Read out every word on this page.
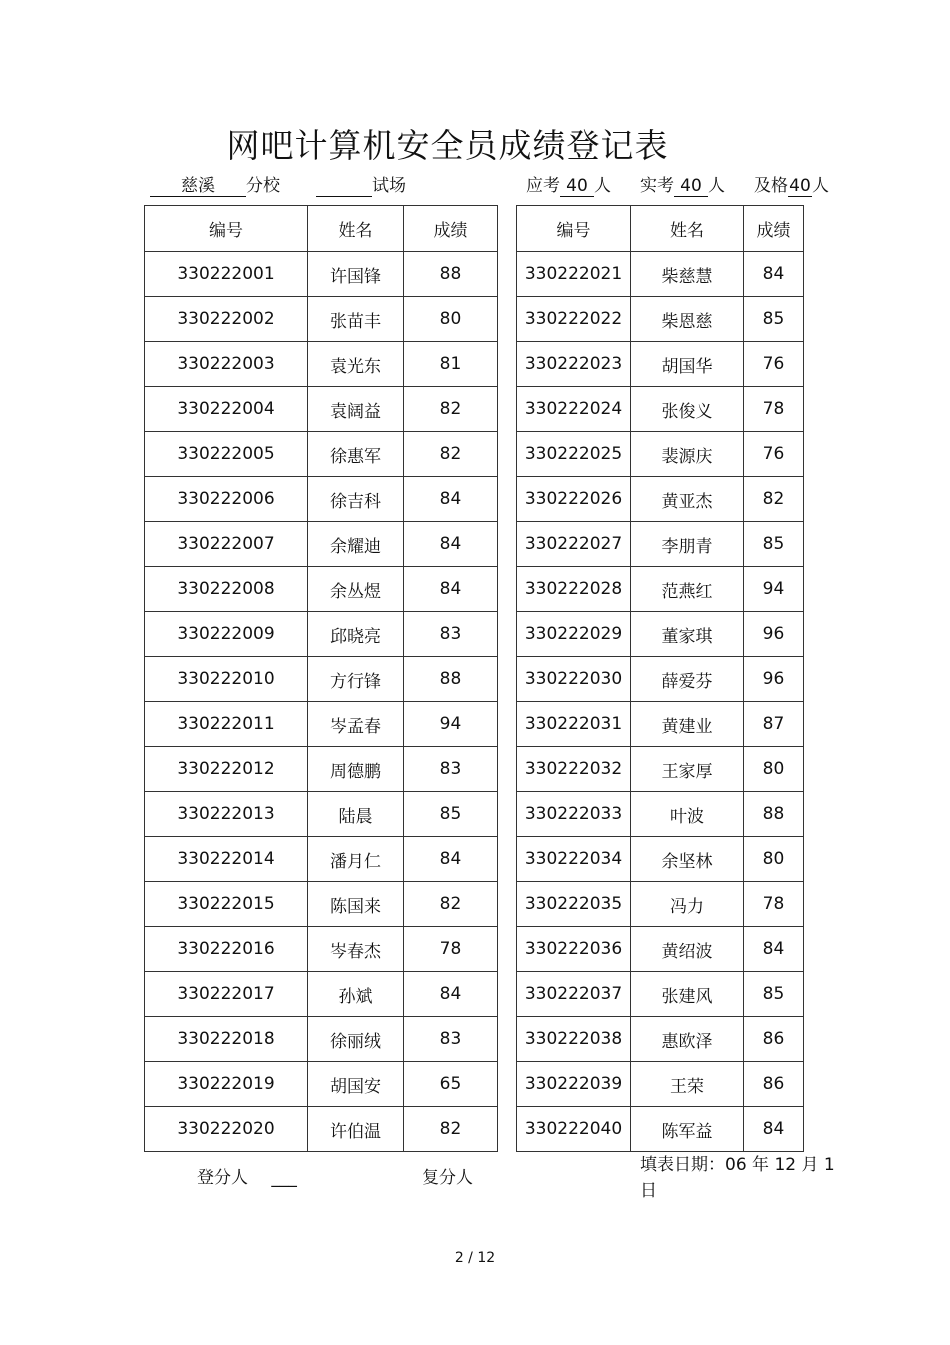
网吧计算机安全员成绩登记表
慈溪 分校	试场	应考 40 人 实考 40 人 及格40人
编号	姓名	成绩
330222001	许国锋	88
330222002	张苗丰	80
330222003	袁光东	81
330222004	袁阔益	82
330222005	徐惠军	82
330222006	徐吉科	84
330222007	余耀迪	84
330222008	余丛煜	84
330222009	邱晓亮	83
330222010	方行锋	88
330222011	岑孟春	94
330222012	周德鹏	83
330222013	陆晨	85
330222014	潘月仁	84
330222015	陈国来	82
330222016	岑春杰	78
330222017	孙斌	84
330222018	徐丽绒	83
330222019	胡国安	65
330222020	许伯温	82
编号	姓名	成绩
330222021	柴慈慧	84
330222022	柴恩慈	85
330222023	胡国华	76
330222024	张俊义	78
330222025	裴源庆	76
330222026	黄亚杰	82
330222027	李朋青	85
330222028	范燕红	94
330222029	董家琪	96
330222030	薛爱芬	96
330222031	黄建业	87
330222032	王家厚	80
330222033	叶波	88
330222034	余坚林	80
330222035	冯力	78
330222036	黄绍波	84
330222037	张建风	85
330222038	惠欧泽	86
330222039	王荣	86
330222040	陈军益	84
登分人 ___	复分人
填表日期：06 年 12 月 1
日
2 / 12
